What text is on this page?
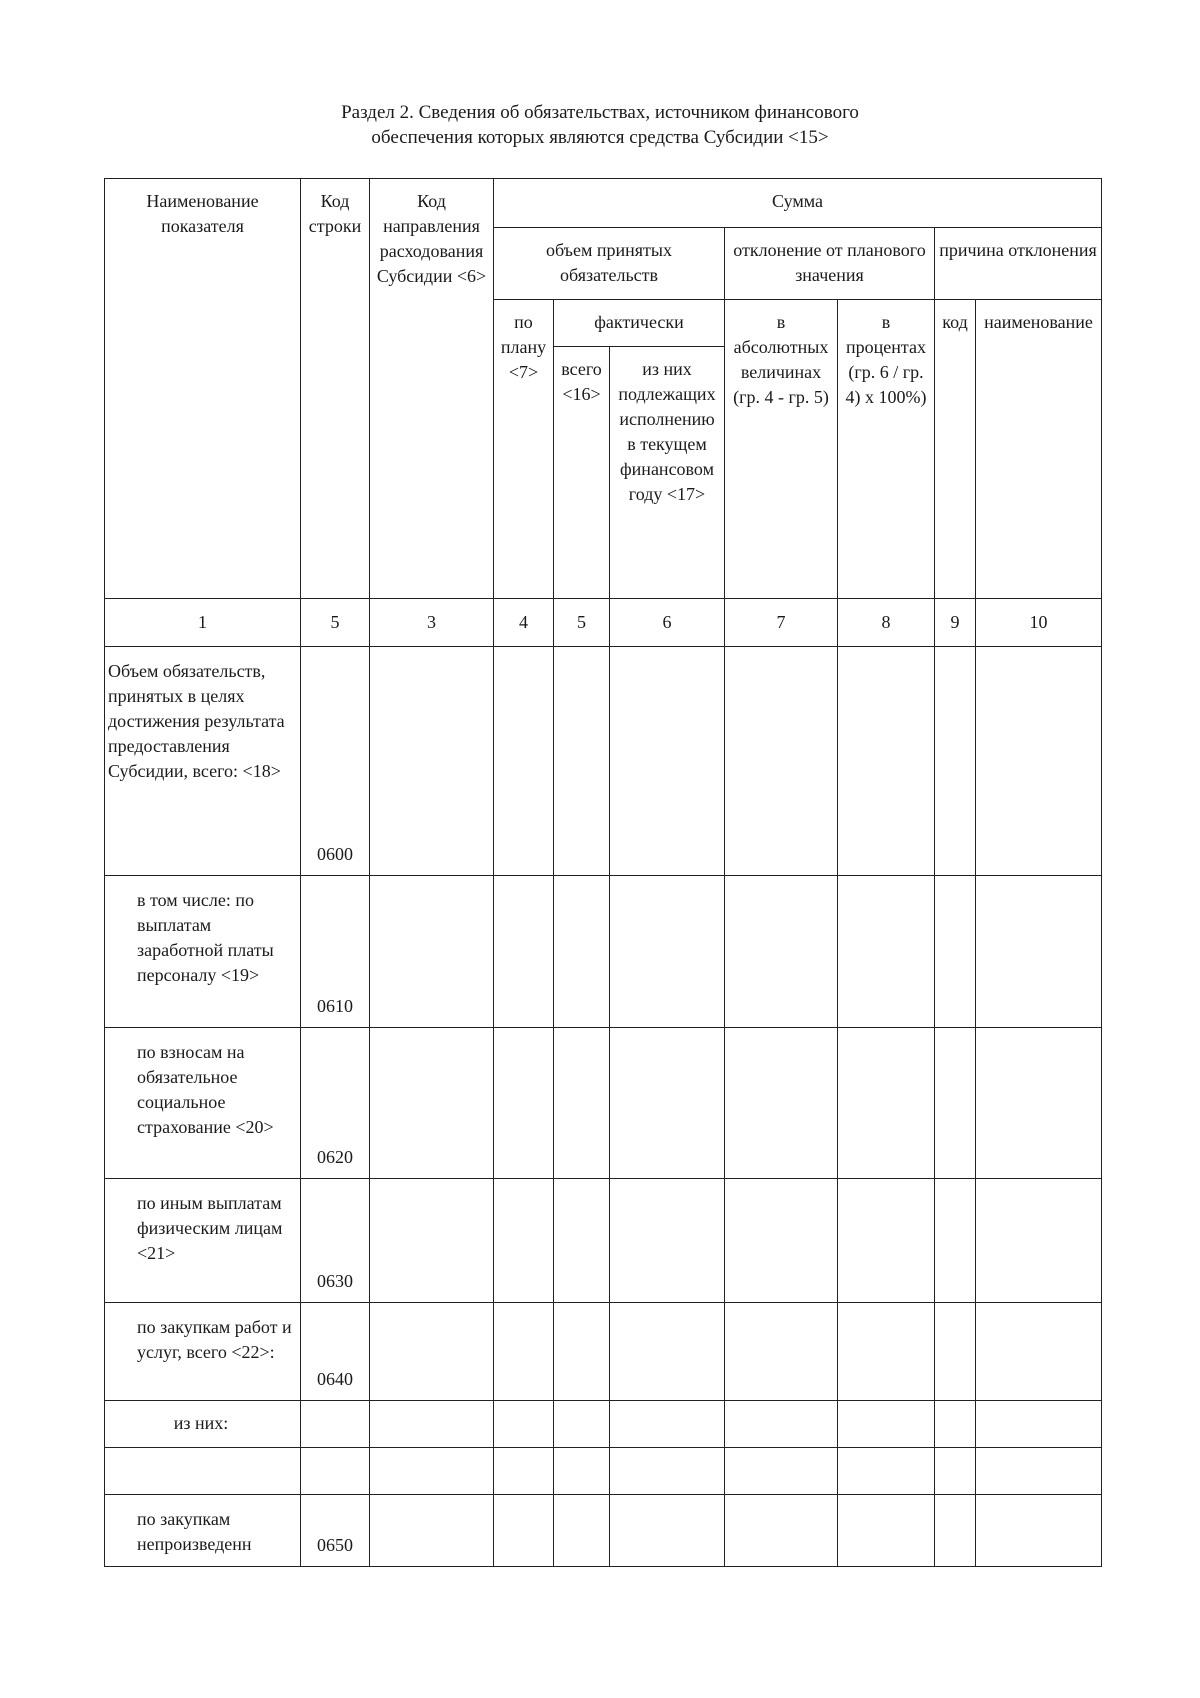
Раздел 2. Сведения об обязательствах, источником финансового
обеспечения которых являются средства Субсидии <15>
Наименование показателя	Код строки	Код направления расходования Субсидии <6>	Сумма						
			объем принятых обязательств			отклонение от планового значения		причина отклонения	
			по плану <7>	фактически		в абсолютных величинах (гр. 4 - гр. 5)	в процентах (гр. 6 / гр. 4) x 100%)	код	наименование
				всего <16>	из них подлежащих исполнению в текущем финансовом году <17>				
1	5	3	4	5	6	7	8	9	10
Объем обязательств, принятых в целях достижения результата предоставления Субсидии, всего: <18>	0600								
в том числе: по выплатам заработной платы персоналу <19>	0610								
по взносам на обязательное социальное страхование <20>	0620								
по иным выплатам физическим лицам <21>	0630								
по закупкам работ и услуг, всего <22>:	0640								
из них:									

по закупкам непроизведенн	0650								
